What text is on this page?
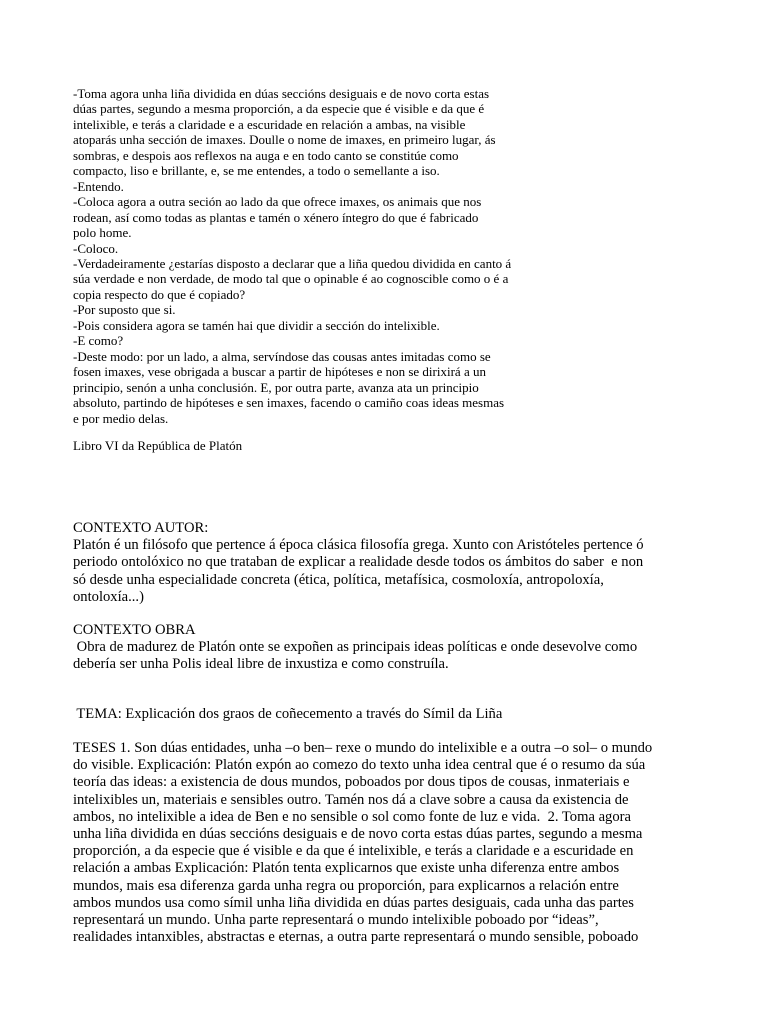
-Toma agora unha liña dividida en dúas seccións desiguais e de novo corta estas
dúas partes, segundo a mesma proporción, a da especie que é visible e da que é
intelixible, e terás a claridade e a escuridade en relación a ambas, na visible
atoparás unha sección de imaxes. Doulle o nome de imaxes, en primeiro lugar, ás
sombras, e despois aos reflexos na auga e en todo canto se constitúe como
compacto, liso e brillante, e, se me entendes, a todo o semellante a iso.
-Entendo.
-Coloca agora a outra seción ao lado da que ofrece imaxes, os animais que nos
rodean, así como todas as plantas e tamén o xénero íntegro do que é fabricado
polo home.
-Coloco.
-Verdadeiramente ¿estarías disposto a declarar que a liña quedou dividida en canto á
súa verdade e non verdade, de modo tal que o opinable é ao cognoscible como o é a
copia respecto do que é copiado?
-Por suposto que si.
-Pois considera agora se tamén hai que dividir a sección do intelixible.
-E como?
-Deste modo: por un lado, a alma, servíndose das cousas antes imitadas como se
fosen imaxes, vese obrigada a buscar a partir de hipóteses e non se dirixirá a un
principio, senón a unha conclusión. E, por outra parte, avanza ata un principio
absoluto, partindo de hipóteses e sen imaxes, facendo o camiño coas ideas mesmas
e por medio delas.
Libro VI da República de Platón
CONTEXTO AUTOR:
Platón é un filósofo que pertence á época clásica filosofía grega. Xunto con Aristóteles pertence ó
periodo ontolóxico no que trataban de explicar a realidade desde todos os ámbitos do saber  e non
só desde unha especialidade concreta (ética, política, metafísica, cosmoloxía, antropoloxía,
ontoloxía...)
CONTEXTO OBRA
Obra de madurez de Platón onte se expoñen as principais ideas políticas e onde desevolve como
debería ser unha Polis ideal libre de inxustiza e como construíla.
TEMA: Explicación dos graos de coñecemento a través do Símil da Liña
TESES 1. Son dúas entidades, unha –o ben– rexe o mundo do intelixible e a outra –o sol– o mundo
do visible. Explicación: Platón expón ao comezo do texto unha idea central que é o resumo da súa
teoría das ideas: a existencia de dous mundos, poboados por dous tipos de cousas, inmateriais e
intelixibles un, materiais e sensibles outro. Tamén nos dá a clave sobre a causa da existencia de
ambos, no intelixible a idea de Ben e no sensible o sol como fonte de luz e vida.  2. Toma agora
unha liña dividida en dúas seccións desiguais e de novo corta estas dúas partes, segundo a mesma
proporción, a da especie que é visible e da que é intelixible, e terás a claridade e a escuridade en
relación a ambas Explicación: Platón tenta explicarnos que existe unha diferenza entre ambos
mundos, mais esa diferenza garda unha regra ou proporción, para explicarnos a relación entre
ambos mundos usa como símil unha liña dividida en dúas partes desiguais, cada unha das partes
representará un mundo. Unha parte representará o mundo intelixible poboado por “ideas”,
realidades intanxibles, abstractas e eternas, a outra parte representará o mundo sensible, poboado
